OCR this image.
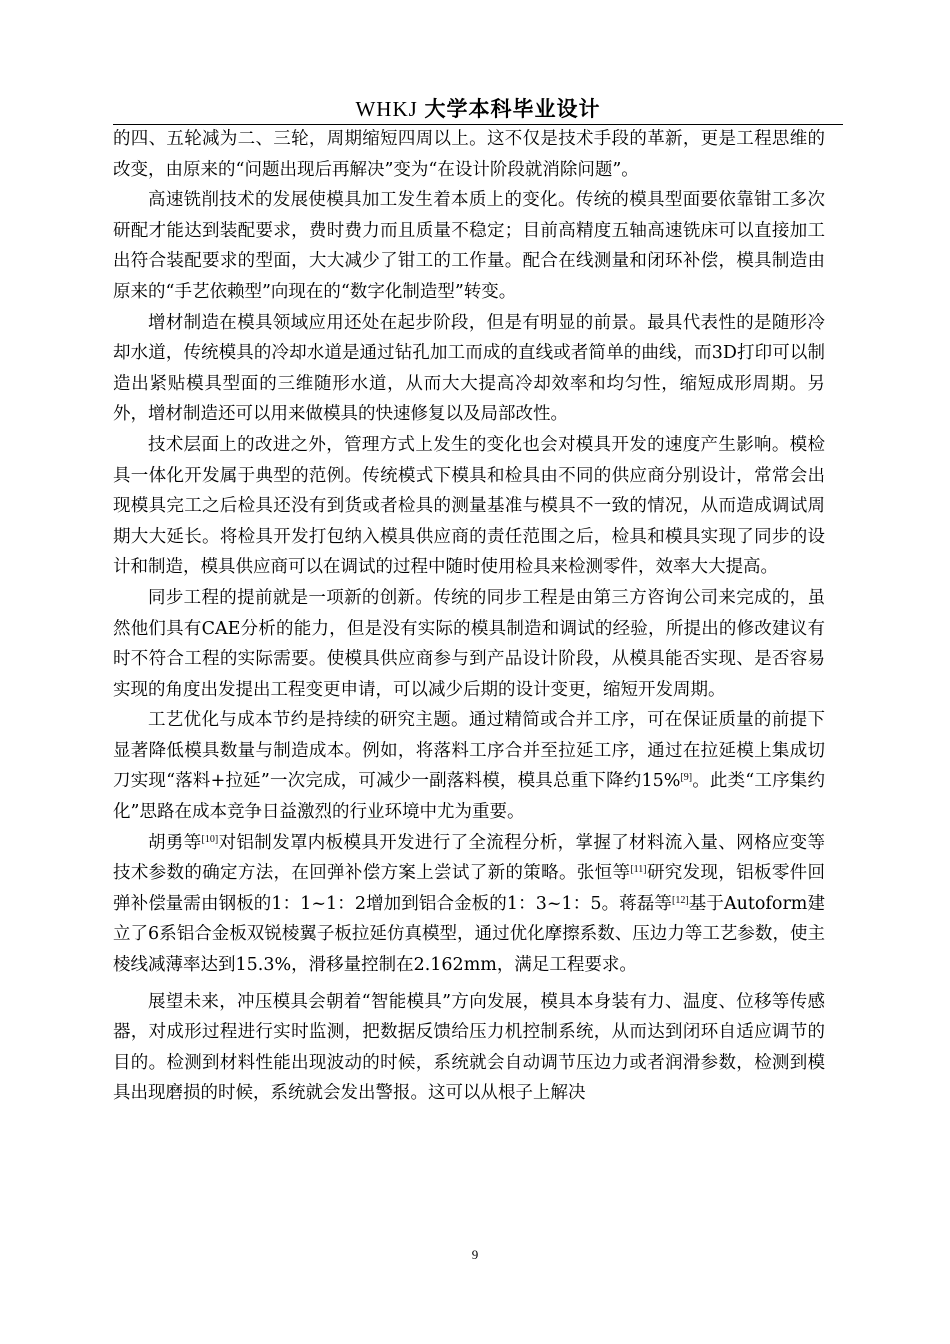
WHKJ 大学本科毕业设计

的四、五轮减为二、三轮，周期缩短四周以上。这不仅是技术手段的革新，更是工程思维的改变，由原来的“问题出现后再解决”变为“在设计阶段就消除问题”。

高速铣削技术的发展使模具加工发生着本质上的变化。传统的模具型面要依靠钳工多次研配才能达到装配要求，费时费力而且质量不稳定；目前高精度五轴高速铣床可以直接加工出符合装配要求的型面，大大减少了钳工的工作量。配合在线测量和闭环补偿，模具制造由原来的“手艺依赖型”向现在的“数字化制造型”转变。

增材制造在模具领域应用还处在起步阶段，但是有明显的前景。最具代表性的是随形冷却水道，传统模具的冷却水道是通过钻孔加工而成的直线或者简单的曲线，而3D打印可以制造出紧贴模具型面的三维随形水道，从而大大提高冷却效率和均匀性，缩短成形周期。另外，增材制造还可以用来做模具的快速修复以及局部改性。

技术层面上的改进之外，管理方式上发生的变化也会对模具开发的速度产生影响。模检具一体化开发属于典型的范例。传统模式下模具和检具由不同的供应商分别设计，常常会出现模具完工之后检具还没有到货或者检具的测量基准与模具不一致的情况，从而造成调试周期大大延长。将检具开发打包纳入模具供应商的责任范围之后，检具和模具实现了同步的设计和制造，模具供应商可以在调试的过程中随时使用检具来检测零件，效率大大提高。

同步工程的提前就是一项新的创新。传统的同步工程是由第三方咨询公司来完成的，虽然他们具有CAE分析的能力，但是没有实际的模具制造和调试的经验，所提出的修改建议有时不符合工程的实际需要。使模具供应商参与到产品设计阶段，从模具能否实现、是否容易实现的角度出发提出工程变更申请，可以减少后期的设计变更，缩短开发周期。

工艺优化与成本节约是持续的研究主题。通过精简或合并工序，可在保证质量的前提下显著降低模具数量与制造成本。例如，将落料工序合并至拉延工序，通过在拉延模上集成切刀实现“落料+拉延”一次完成，可减少一副落料模，模具总重下降约15%[9]。此类“工序集约化”思路在成本竞争日益激烈的行业环境中尤为重要。

胡勇等[10]对铝制发罩内板模具开发进行了全流程分析，掌握了材料流入量、网格应变等技术参数的确定方法，在回弹补偿方案上尝试了新的策略。张恒等[11]研究发现，铝板零件回弹补偿量需由钢板的1：1~1：2增加到铝合金板的1：3~1：5。蒋磊等[12]基于Autoform建立了6系铝合金板双锐棱翼子板拉延仿真模型，通过优化摩擦系数、压边力等工艺参数，使主棱线减薄率达到15.3%，滑移量控制在2.162mm，满足工程要求。

展望未来，冲压模具会朝着“智能模具”方向发展，模具本身装有力、温度、位移等传感器，对成形过程进行实时监测，把数据反馈给压力机控制系统，从而达到闭环自适应调节的目的。检测到材料性能出现波动的时候，系统就会自动调节压边力或者润滑参数，检测到模具出现磨损的时候，系统就会发出警报。这可以从根子上解决

9
